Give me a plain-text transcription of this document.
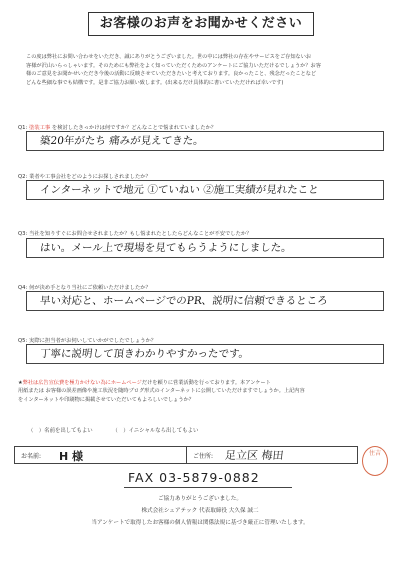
お客様のお声をお聞かせください
この度は弊社にお問い合わせをいただき、誠にありがとうございました。世の中には弊社の存在やサービスをご存知ないお
客様が沢山いらっしゃいます。そのためにも弊社をよく知っていただくためのアンケートにご協力いただけるでしょうか？お客
様のご意見をお聞かせいただき今後の活動に反映させていただきたいと考えております。良かったこと、残念だったことなど
どんな些細な事でも結構です。是非ご協力お願い致します。(出来るだけ具体的に書いていただければ幸いです)
Q1: 塗装工事 を検討したきっかけは何ですか？どんなことで悩まれていましたか？
築20年がたち 痛みが見えてきた。
Q2: 業者や工事会社をどのようにお探しされましたか？
インターネットで地元 ①ていねい ②施工実績が見れたこと
Q3: 当社を知りすぐにお問合せされましたか？もし悩まれたとしたらどんなことが不安でしたか？
はい。メール上で現場を見てもらうようにしました。
Q4: 何が決め手となり当社にご依頼いただけましたか？
早い対応と、ホームページでのPR、説明に信頼できるところ
Q5: 実際に担当者がお伺いしていかがでしたでしょうか？
丁寧に説明して頂きわかりやすかったです。
★弊社は広告宣伝費を極力かけない為にホームページだけを頼りに営業活動を行っております。本アンケート
用紙または お客様の誤差画像や施工状況を随時ブログ形式のインターネットに公開していただけますでしょうか。上記内容
をインターネットや印刷物に掲載させていただいてもよろしいでしょうか？
（　）名前を出してもよい	（　）イニシャルなら出してもよい
お名前: H 様	ご住所: 足立区 梅田	住吉
FAX 03-5879-0882
ご協力ありがとうございました。
株式会社シェアテック 代表取締役 大久保 誠二
当アンケートで取得したお客様の個人情報は関係法規に基づき厳正に管理いたします。
